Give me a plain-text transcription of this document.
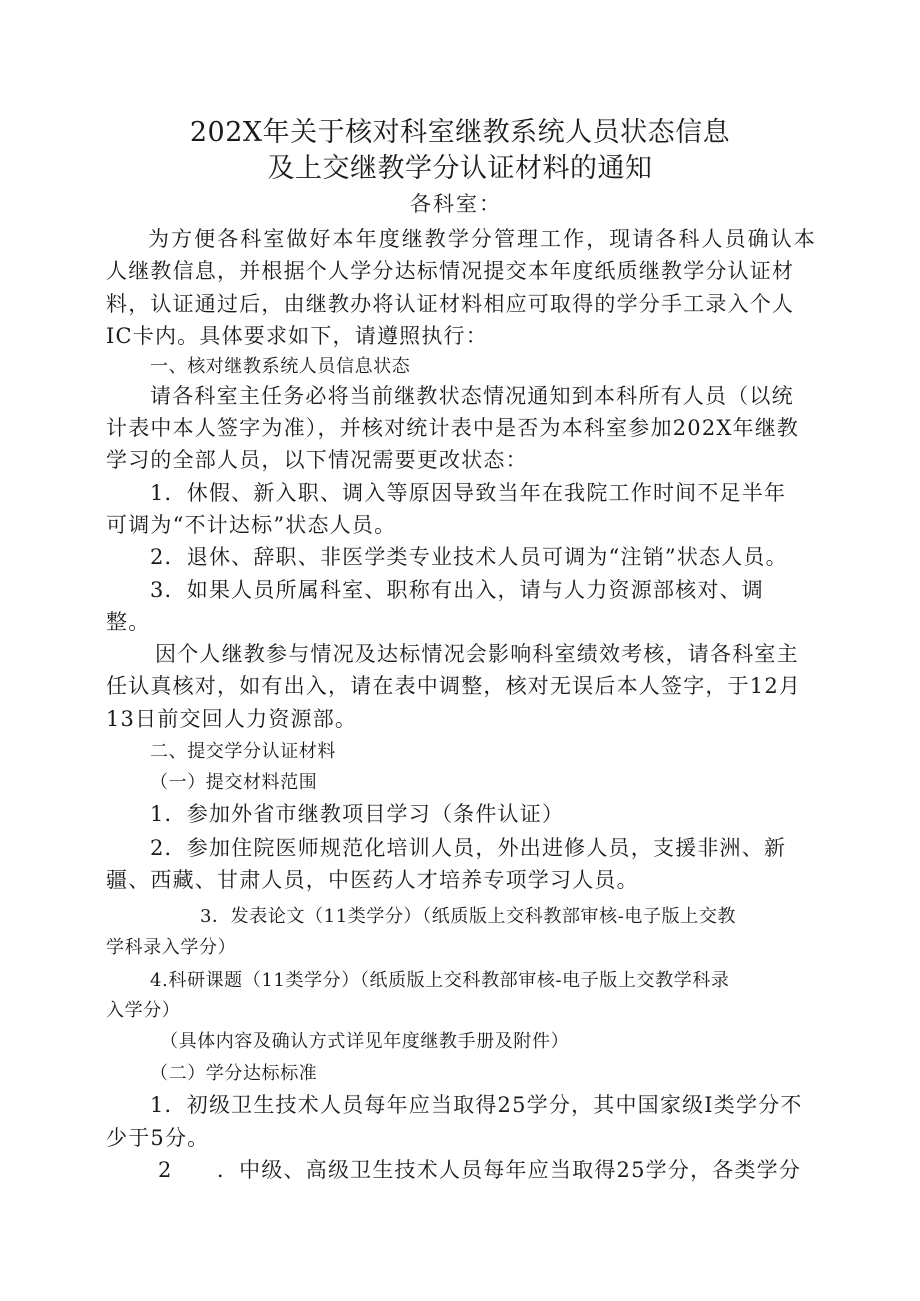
202X年关于核对科室继教系统人员状态信息
及上交继教学分认证材料的通知
各科室：
为方便各科室做好本年度继教学分管理工作，现请各科人员确认本
人继教信息，并根据个人学分达标情况提交本年度纸质继教学分认证材
料，认证通过后，由继教办将认证材料相应可取得的学分手工录入个人
IC卡内。具体要求如下，请遵照执行：
一、核对继教系统人员信息状态
请各科室主任务必将当前继教状态情况通知到本科所有人员（以统
计表中本人签字为准），并核对统计表中是否为本科室参加202X年继教
学习的全部人员，以下情况需要更改状态：
1．休假、新入职、调入等原因导致当年在我院工作时间不足半年
可调为“不计达标”状态人员。
2．退休、辞职、非医学类专业技术人员可调为“注销”状态人员。
3．如果人员所属科室、职称有出入，请与人力资源部核对、调
整。
因个人继教参与情况及达标情况会影响科室绩效考核，请各科室主
任认真核对，如有出入，请在表中调整，核对无误后本人签字，于12月
13日前交回人力资源部。
二、提交学分认证材料
（一）提交材料范围
1．参加外省市继教项目学习（条件认证）
2．参加住院医师规范化培训人员，外出进修人员，支援非洲、新
疆、西藏、甘肃人员，中医药人才培养专项学习人员。
3．发表论文（11类学分）（纸质版上交科教部审核-电子版上交教
学科录入学分）
4.科研课题（11类学分）（纸质版上交科教部审核-电子版上交教学科录
入学分）
（具体内容及确认方式详见年度继教手册及附件）
（二）学分达标标准
1．初级卫生技术人员每年应当取得25学分，其中国家级I类学分不
少于5分。
2　　．中级、高级卫生技术人员每年应当取得25学分，各类学分
